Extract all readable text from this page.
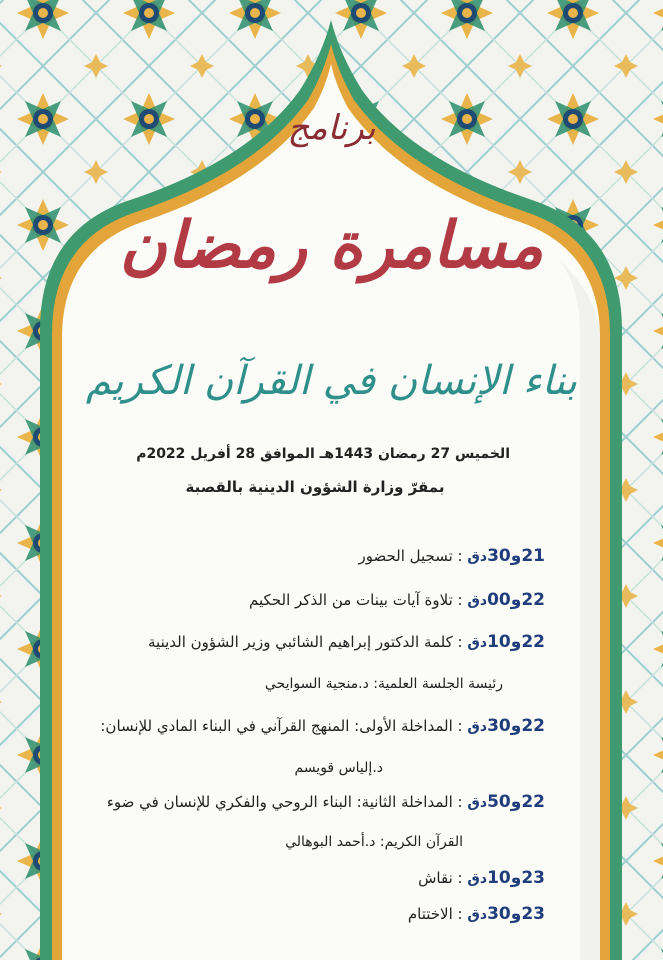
برنامج
مسامرة رمضان
بناء الإنسان في القرآن الكريم
الخميس 27 رمضان 1443هـ الموافق 28 أفريل 2022م
بمقرّ وزارة الشؤون الدينية بالقصبة
21و30دق : تسجيل الحضور
22و00دق : تلاوة آيات بينات من الذكر الحكيم
22و10دق : كلمة الدكتور إبراهيم الشائبي وزير الشؤون الدينية
رئيسة الجلسة العلمية: د.منجية السوايحي
22و30دق : المداخلة الأولى: المنهج القرآني في البناء المادي للإنسان:
د.إلياس قويسم
22و50دق : المداخلة الثانية: البناء الروحي والفكري للإنسان في ضوء
القرآن الكريم: د.أحمد البوهالي
23و10دق : نقاش
23و30دق : الاختتام
